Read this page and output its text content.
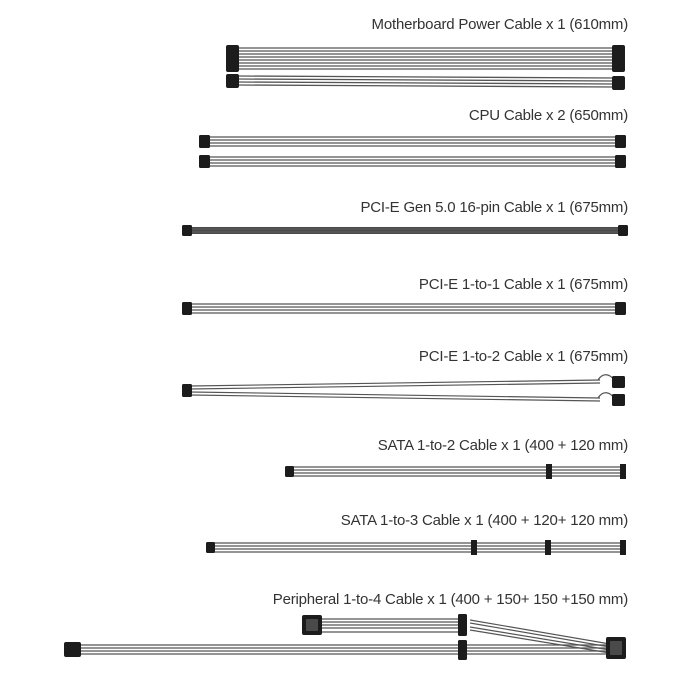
Motherboard Power Cable x 1 (610mm)
CPU Cable x 2 (650mm)
PCI-E Gen 5.0 16-pin Cable x 1 (675mm)
PCI-E 1-to-1 Cable x 1 (675mm)
PCI-E 1-to-2 Cable x 1 (675mm)
SATA 1-to-2 Cable x 1 (400 + 120 mm)
SATA 1-to-3 Cable x 1 (400 + 120+ 120 mm)
Peripheral 1-to-4 Cable x 1 (400 + 150+ 150 +150 mm)
